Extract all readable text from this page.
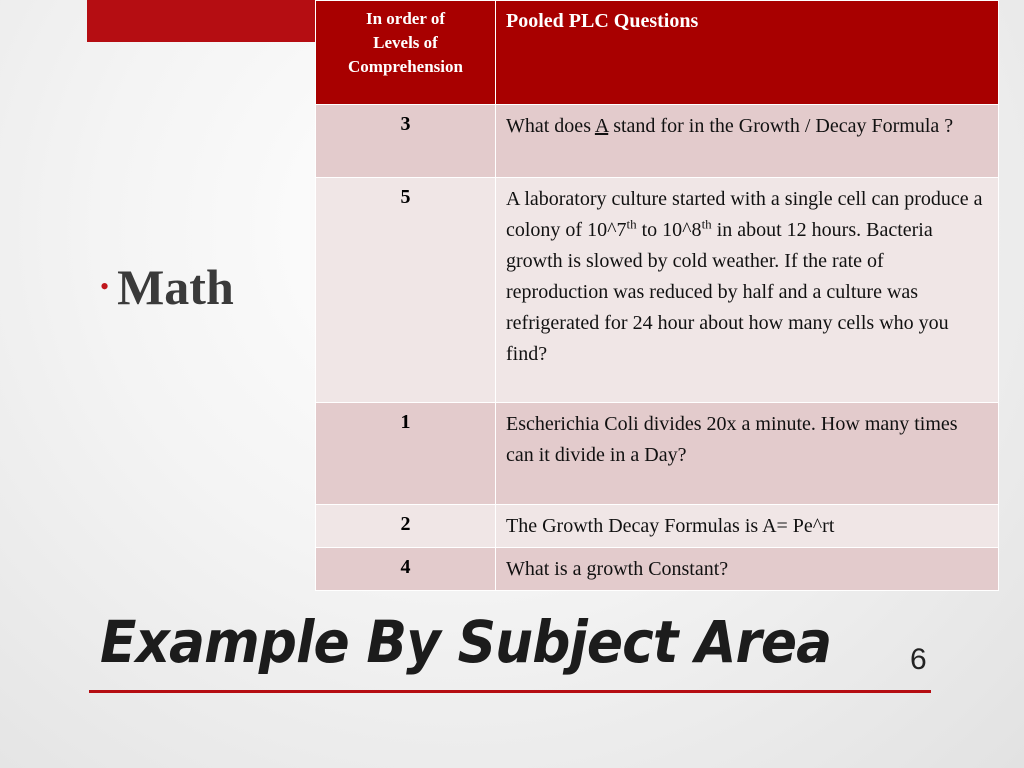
In order of
Levels of
Comprehension	Pooled PLC Questions
3	What does A stand for in the Growth / Decay Formula ?
5	A laboratory culture started with a single cell can produce a colony of 10^7th to 10^8th in about 12 hours. Bacteria growth is slowed by cold weather. If the rate of reproduction was reduced by half and a culture was refrigerated for 24 hour about how many cells who you find?
1	Escherichia Coli divides 20x a minute. How many times can it divide in a Day?
2	The Growth Decay Formulas is A= Pe^rt
4	What is a growth Constant?
• Math
Example By Subject Area	6
